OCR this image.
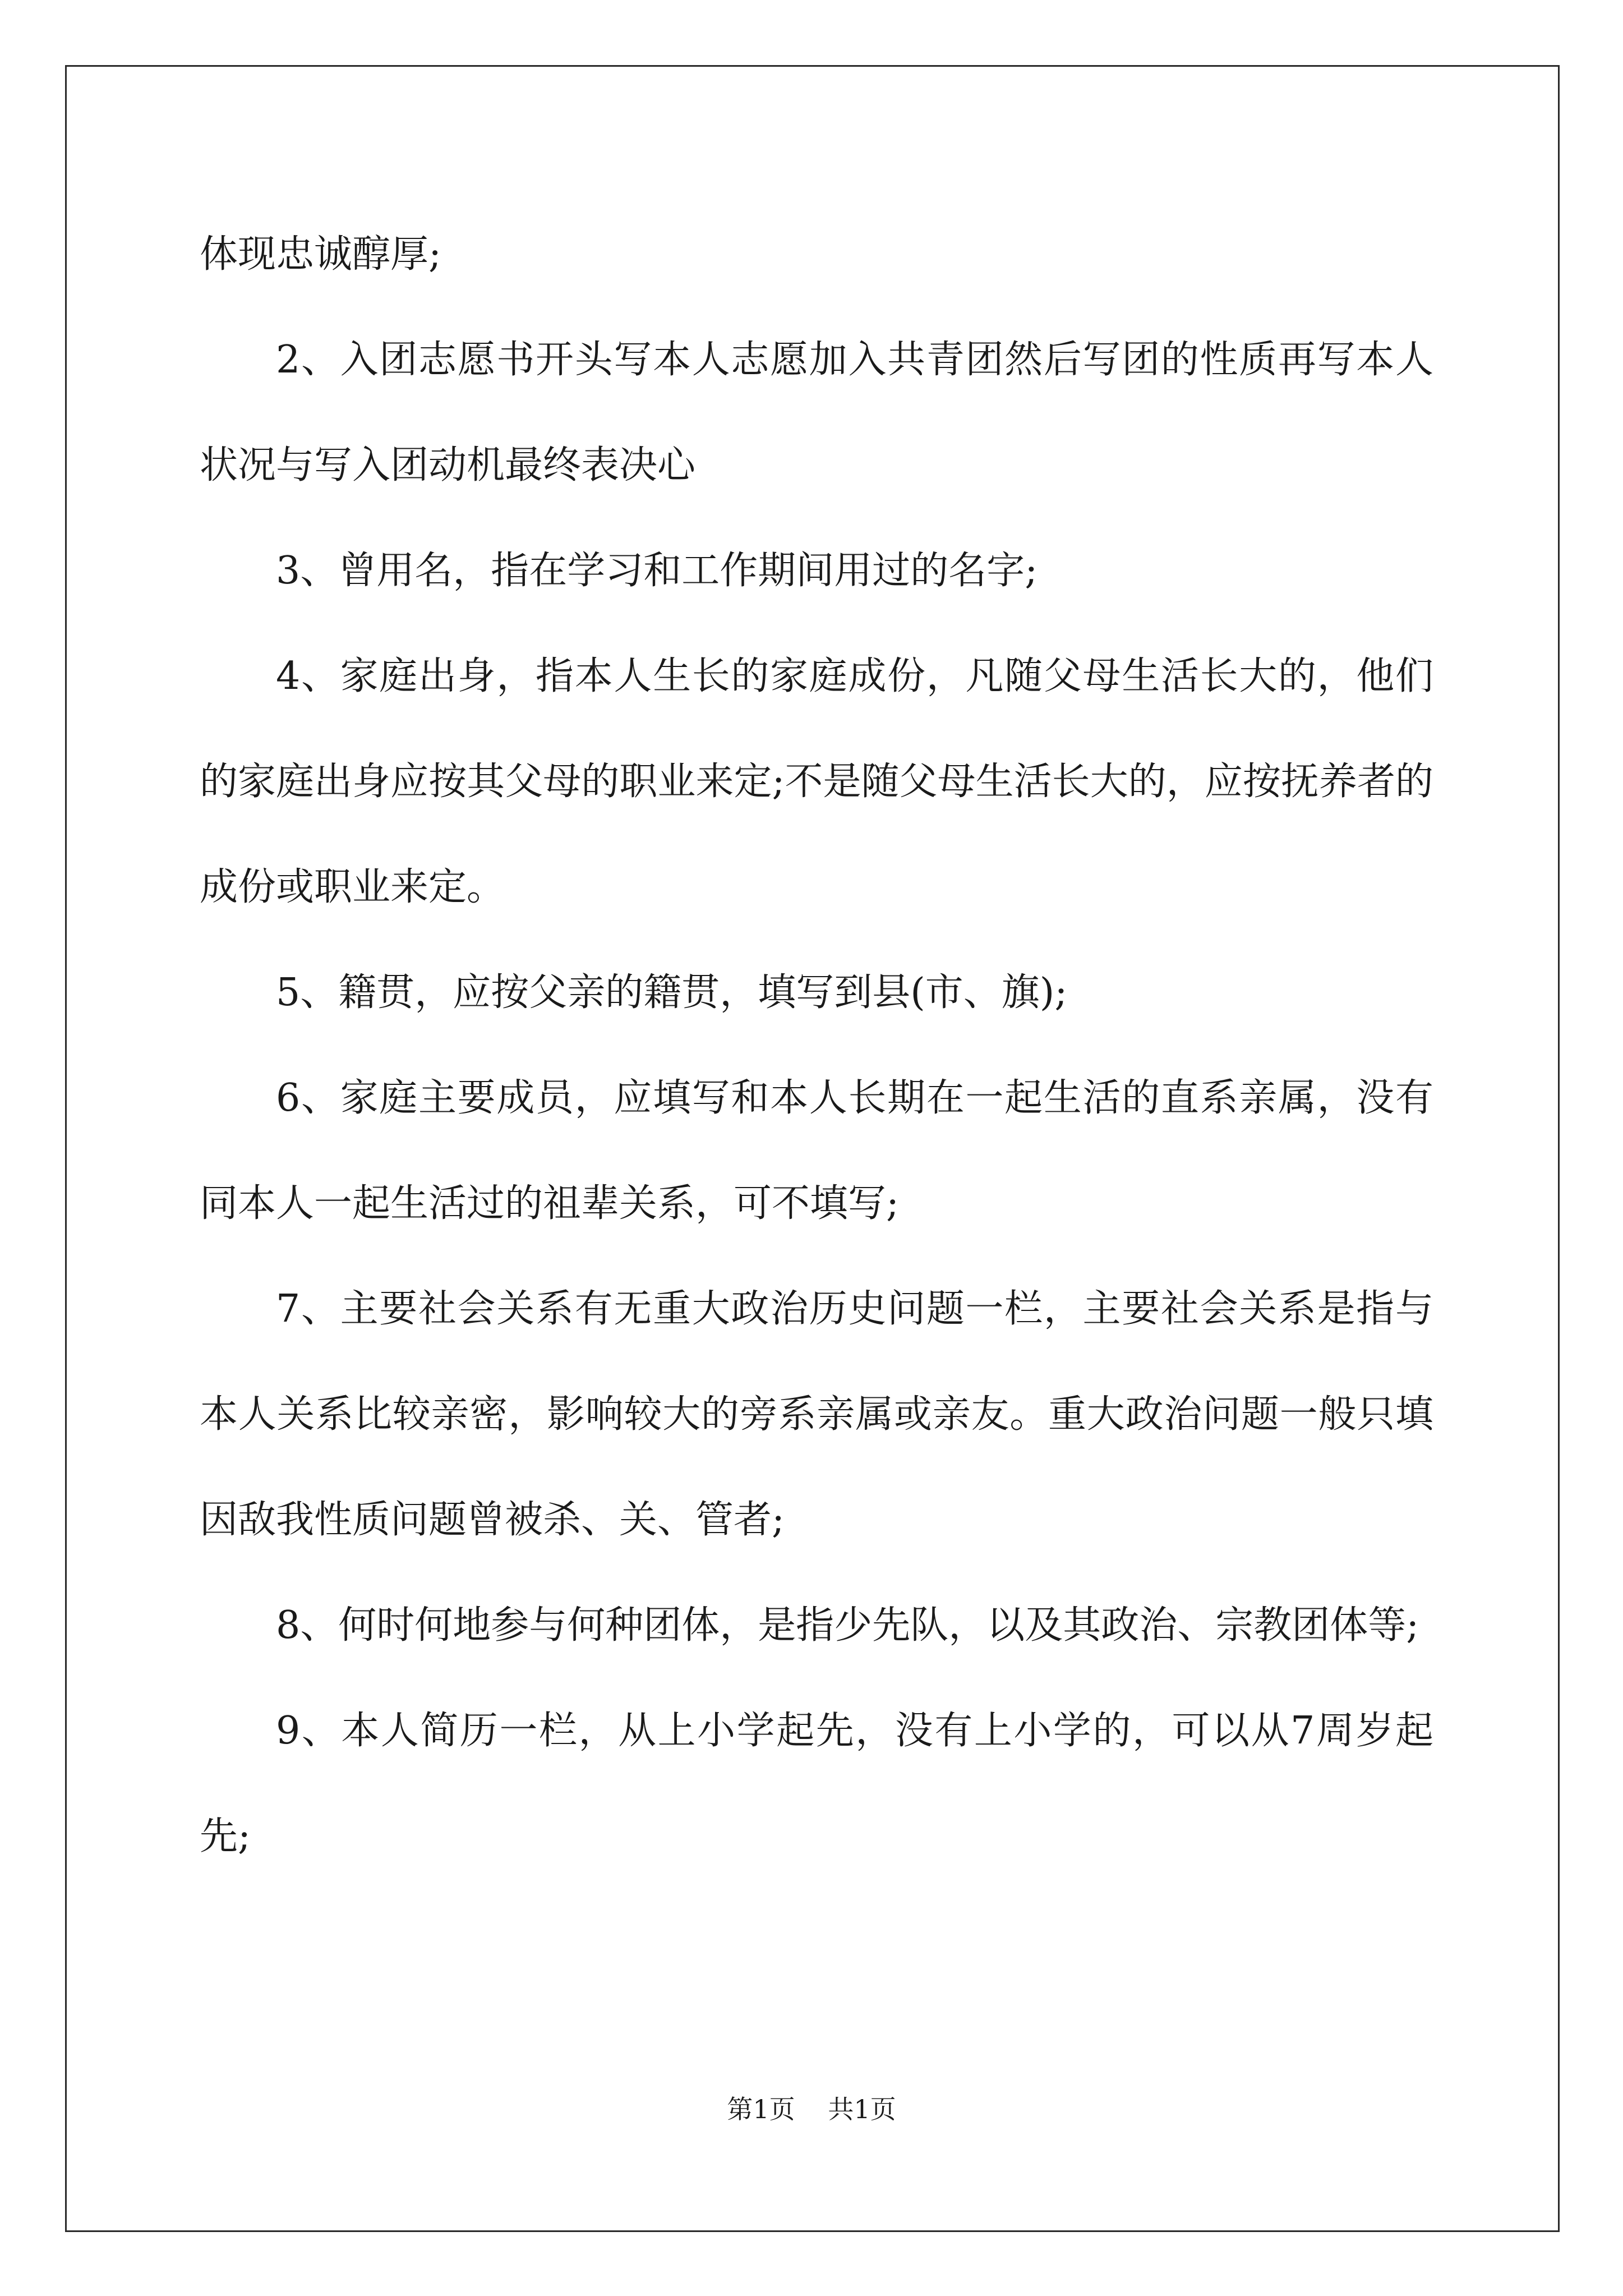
体现忠诚醇厚;

2、入团志愿书开头写本人志愿加入共青团然后写团的性质再写本人状况与写入团动机最终表决心

3、曾用名，指在学习和工作期间用过的名字;

4、家庭出身，指本人生长的家庭成份，凡随父母生活长大的，他们的家庭出身应按其父母的职业来定;不是随父母生活长大的，应按抚养者的成份或职业来定。

5、籍贯，应按父亲的籍贯，填写到县(市、旗);

6、家庭主要成员，应填写和本人长期在一起生活的直系亲属，没有同本人一起生活过的祖辈关系，可不填写;

7、主要社会关系有无重大政治历史问题一栏，主要社会关系是指与本人关系比较亲密，影响较大的旁系亲属或亲友。重大政治问题一般只填因敌我性质问题曾被杀、关、管者;

8、何时何地参与何种团体，是指少先队，以及其政治、宗教团体等;

9、本人简历一栏，从上小学起先，没有上小学的，可以从7周岁起先;

第1页 共1页
